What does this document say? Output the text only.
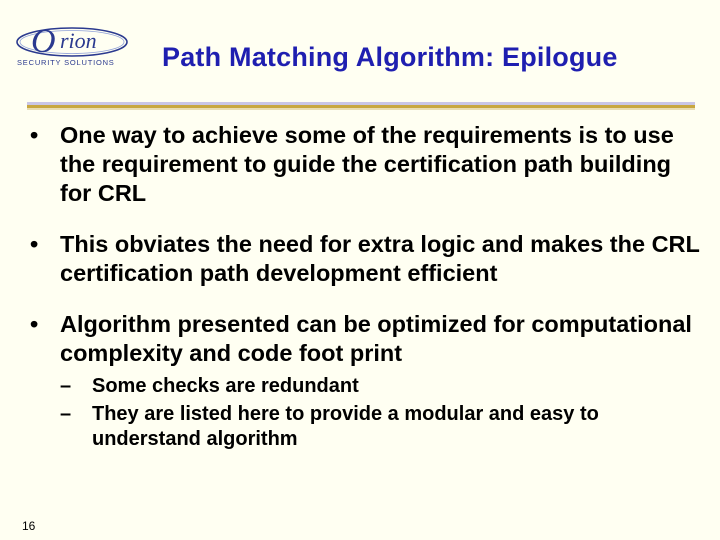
O rion
SECURITY SOLUTIONS Path Matching Algorithm: Epilogue
• One way to achieve some of the requirements is to use the requirement to guide the certification path building for CRL
• This obviates the need for extra logic and makes the CRL certification path development efficient
• Algorithm presented can be optimized for computational complexity and code foot print
– Some checks are redundant
– They are listed here to provide a modular and easy to understand algorithm
16
